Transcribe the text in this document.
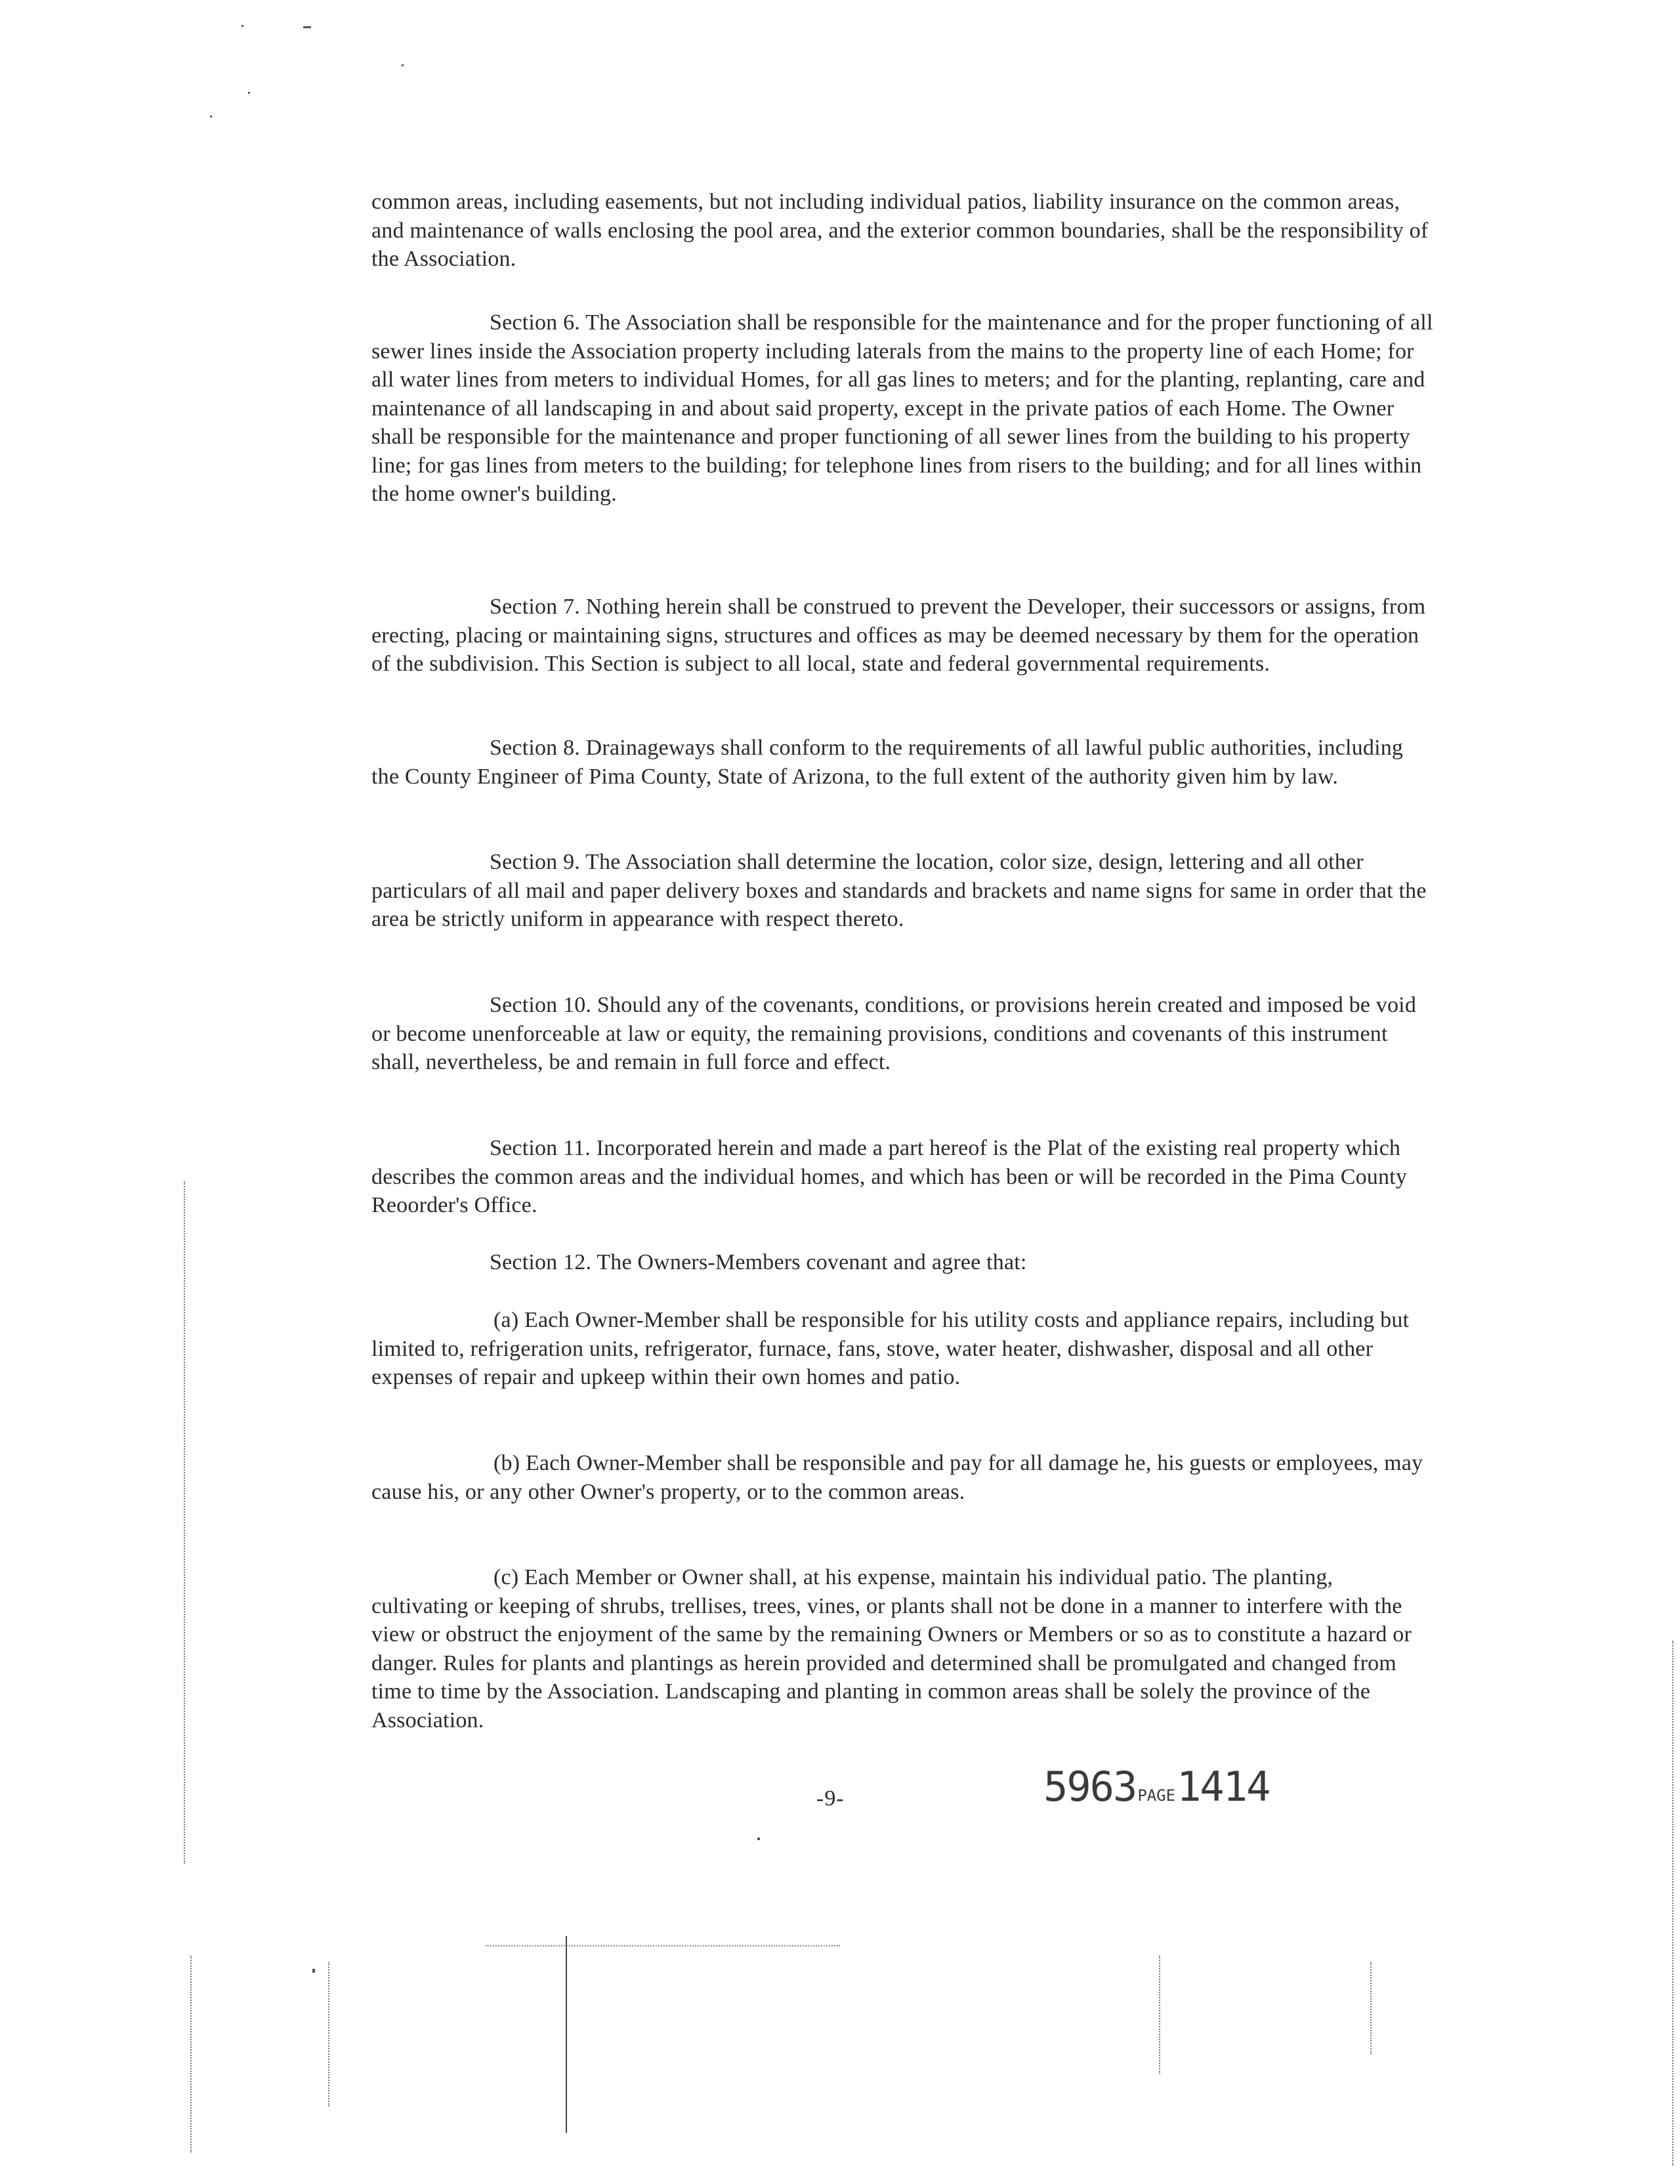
common areas, including easements, but not including individual patios, liability insurance on the common areas, and maintenance of walls enclosing the pool area, and the exterior common boundaries, shall be the responsibility of the Association.

Section 6. The Association shall be responsible for the maintenance and for the proper functioning of all sewer lines inside the Association property including laterals from the mains to the property line of each Home; for all water lines from meters to individual Homes, for all gas lines to meters; and for the planting, replanting, care and maintenance of all landscaping in and about said property, except in the private patios of each Home. The Owner shall be responsible for the maintenance and proper functioning of all sewer lines from the building to his property line; for gas lines from meters to the building; for telephone lines from risers to the building; and for all lines within the home owner's building.

Section 7. Nothing herein shall be construed to prevent the Developer, their successors or assigns, from erecting, placing or maintaining signs, structures and offices as may be deemed necessary by them for the operation of the subdivision. This Section is subject to all local, state and federal governmental requirements.

Section 8. Drainageways shall conform to the requirements of all lawful public authorities, including the County Engineer of Pima County, State of Arizona, to the full extent of the authority given him by law.

Section 9. The Association shall determine the location, color size, design, lettering and all other particulars of all mail and paper delivery boxes and standards and brackets and name signs for same in order that the area be strictly uniform in appearance with respect thereto.

Section 10. Should any of the covenants, conditions, or provisions herein created and imposed be void or become unenforceable at law or equity, the remaining provisions, conditions and covenants of this instrument shall, nevertheless, be and remain in full force and effect.

Section 11. Incorporated herein and made a part hereof is the Plat of the existing real property which describes the common areas and the individual homes, and which has been or will be recorded in the Pima County Reoorder's Office.

Section 12. The Owners-Members covenant and agree that:

(a) Each Owner-Member shall be responsible for his utility costs and appliance repairs, including but limited to, refrigeration units, refrigerator, furnace, fans, stove, water heater, dishwasher, disposal and all other expenses of repair and upkeep within their own homes and patio.

(b) Each Owner-Member shall be responsible and pay for all damage he, his guests or employees, may cause his, or any other Owner's property, or to the common areas.

(c) Each Member or Owner shall, at his expense, maintain his individual patio. The planting, cultivating or keeping of shrubs, trellises, trees, vines, or plants shall not be done in a manner to interfere with the view or obstruct the enjoyment of the same by the remaining Owners or Members or so as to constitute a hazard or danger. Rules for plants and plantings as herein provided and determined shall be promulgated and changed from time to time by the Association. Landscaping and planting in common areas shall be solely the province of the Association.

-9-	5963PAGE1414
